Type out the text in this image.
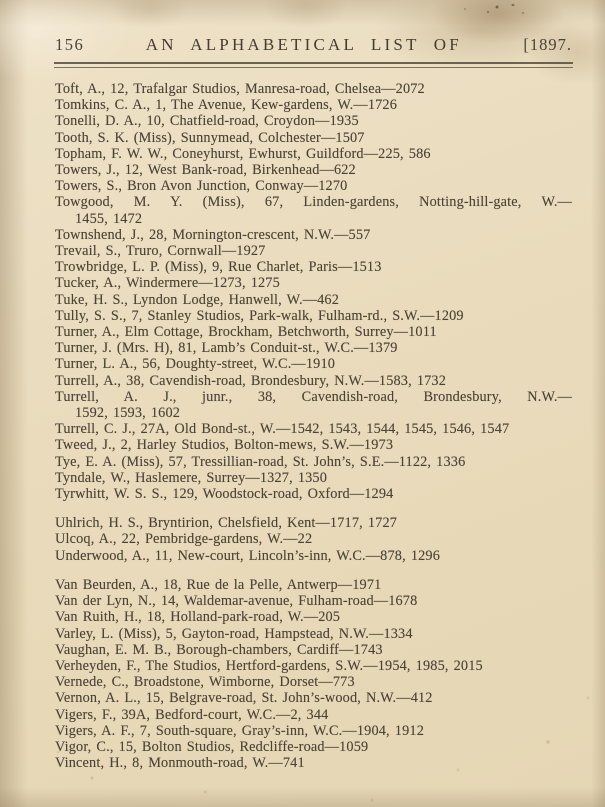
156	AN ALPHABETICAL LIST OF	[1897.
Toft, A., 12, Trafalgar Studios, Manresa-road, Chelsea—2072
Tomkins, C. A., 1, The Avenue, Kew-gardens, W.—1726
Tonelli, D. A., 10, Chatfield-road, Croydon—1935
Tooth, S. K. (Miss), Sunnymead, Colchester—1507
Topham, F. W. W., Coneyhurst, Ewhurst, Guildford—225, 586
Towers, J., 12, West Bank-road, Birkenhead—622
Towers, S., Bron Avon Junction, Conway—1270
Towgood, M. Y. (Miss), 67, Linden-gardens, Notting-hill-gate, W.—
1455, 1472
Townshend, J., 28, Mornington-crescent, N.W.—557
Trevail, S., Truro, Cornwall—1927
Trowbridge, L. P. (Miss), 9, Rue Charlet, Paris—1513
Tucker, A., Windermere—1273, 1275
Tuke, H. S., Lyndon Lodge, Hanwell, W.—462
Tully, S. S., 7, Stanley Studios, Park-walk, Fulham-rd., S.W.—1209
Turner, A., Elm Cottage, Brockham, Betchworth, Surrey—1011
Turner, J. (Mrs. H), 81, Lamb’s Conduit-st., W.C.—1379
Turner, L. A., 56, Doughty-street, W.C.—1910
Turrell, A., 38, Cavendish-road, Brondesbury, N.W.—1583, 1732
Turrell, A. J., junr., 38, Cavendish-road, Brondesbury, N.W.—
1592, 1593, 1602
Turrell, C. J., 27A, Old Bond-st., W.—1542, 1543, 1544, 1545, 1546, 1547
Tweed, J., 2, Harley Studios, Bolton-mews, S.W.—1973
Tye, E. A. (Miss), 57, Tressillian-road, St. John’s, S.E.—1122, 1336
Tyndale, W., Haslemere, Surrey—1327, 1350
Tyrwhitt, W. S. S., 129, Woodstock-road, Oxford—1294
Uhlrich, H. S., Bryntirion, Chelsfield, Kent—1717, 1727
Ulcoq, A., 22, Pembridge-gardens, W.—22
Underwood, A., 11, New-court, Lincoln’s-inn, W.C.—878, 1296
Van Beurden, A., 18, Rue de la Pelle, Antwerp—1971
Van der Lyn, N., 14, Waldemar-avenue, Fulham-road—1678
Van Ruith, H., 18, Holland-park-road, W.—205
Varley, L. (Miss), 5, Gayton-road, Hampstead, N.W.—1334
Vaughan, E. M. B., Borough-chambers, Cardiff—1743
Verheyden, F., The Studios, Hertford-gardens, S.W.—1954, 1985, 2015
Vernede, C., Broadstone, Wimborne, Dorset—773
Vernon, A. L., 15, Belgrave-road, St. John’s-wood, N.W.—412
Vigers, F., 39A, Bedford-court, W.C.—2, 344
Vigers, A. F., 7, South-square, Gray’s-inn, W.C.—1904, 1912
Vigor, C., 15, Bolton Studios, Redcliffe-road—1059
Vincent, H., 8, Monmouth-road, W.—741
